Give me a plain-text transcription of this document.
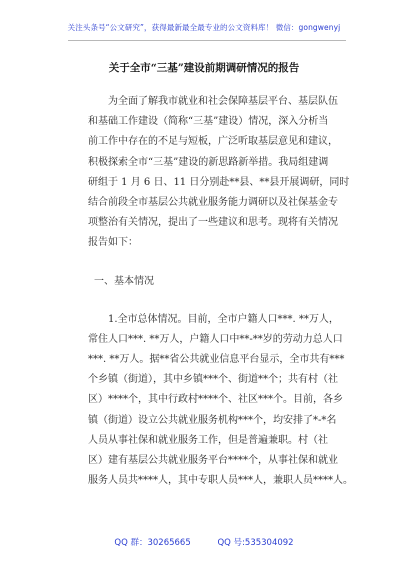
关注头条号“公文研究”，获得最新最全最专业的公文资料库！ 微信：gongwenyj
关于全市“三基”建设前期调研情况的报告
为全面了解我市就业和社会保障基层平台、基层队伍
和基础工作建设（简称“三基”建设）情况，深入分析当
前工作中存在的不足与短板，广泛听取基层意见和建议，
积极探索全市“三基”建设的新思路新举措。我局组建调
研组于 1 月 6 日、11 日分别赴**县、**县开展调研，同时
结合前段全市基层公共就业服务能力调研以及社保基金专
项整治有关情况，提出了一些建议和思考。现将有关情况
报告如下：
一、基本情况
1.全市总体情况。目前，全市户籍人口***. **万人，
常住人口***. **万人，户籍人口中**-**岁的劳动力总人口
***. **万人。据**省公共就业信息平台显示，全市共有***
个乡镇（街道），其中乡镇***个、街道**个；共有村（社
区）****个，其中行政村****个、社区***个。目前，各乡
镇（街道）设立公共就业服务机构***个，均安排了*-*名
人员从事社保和就业服务工作，但是普遍兼职。村（社
区）建有基层公共就业服务平台****个，从事社保和就业
服务人员共****人，其中专职人员***人，兼职人员****人。
QQ 群：30265665	QQ 号:535304092
